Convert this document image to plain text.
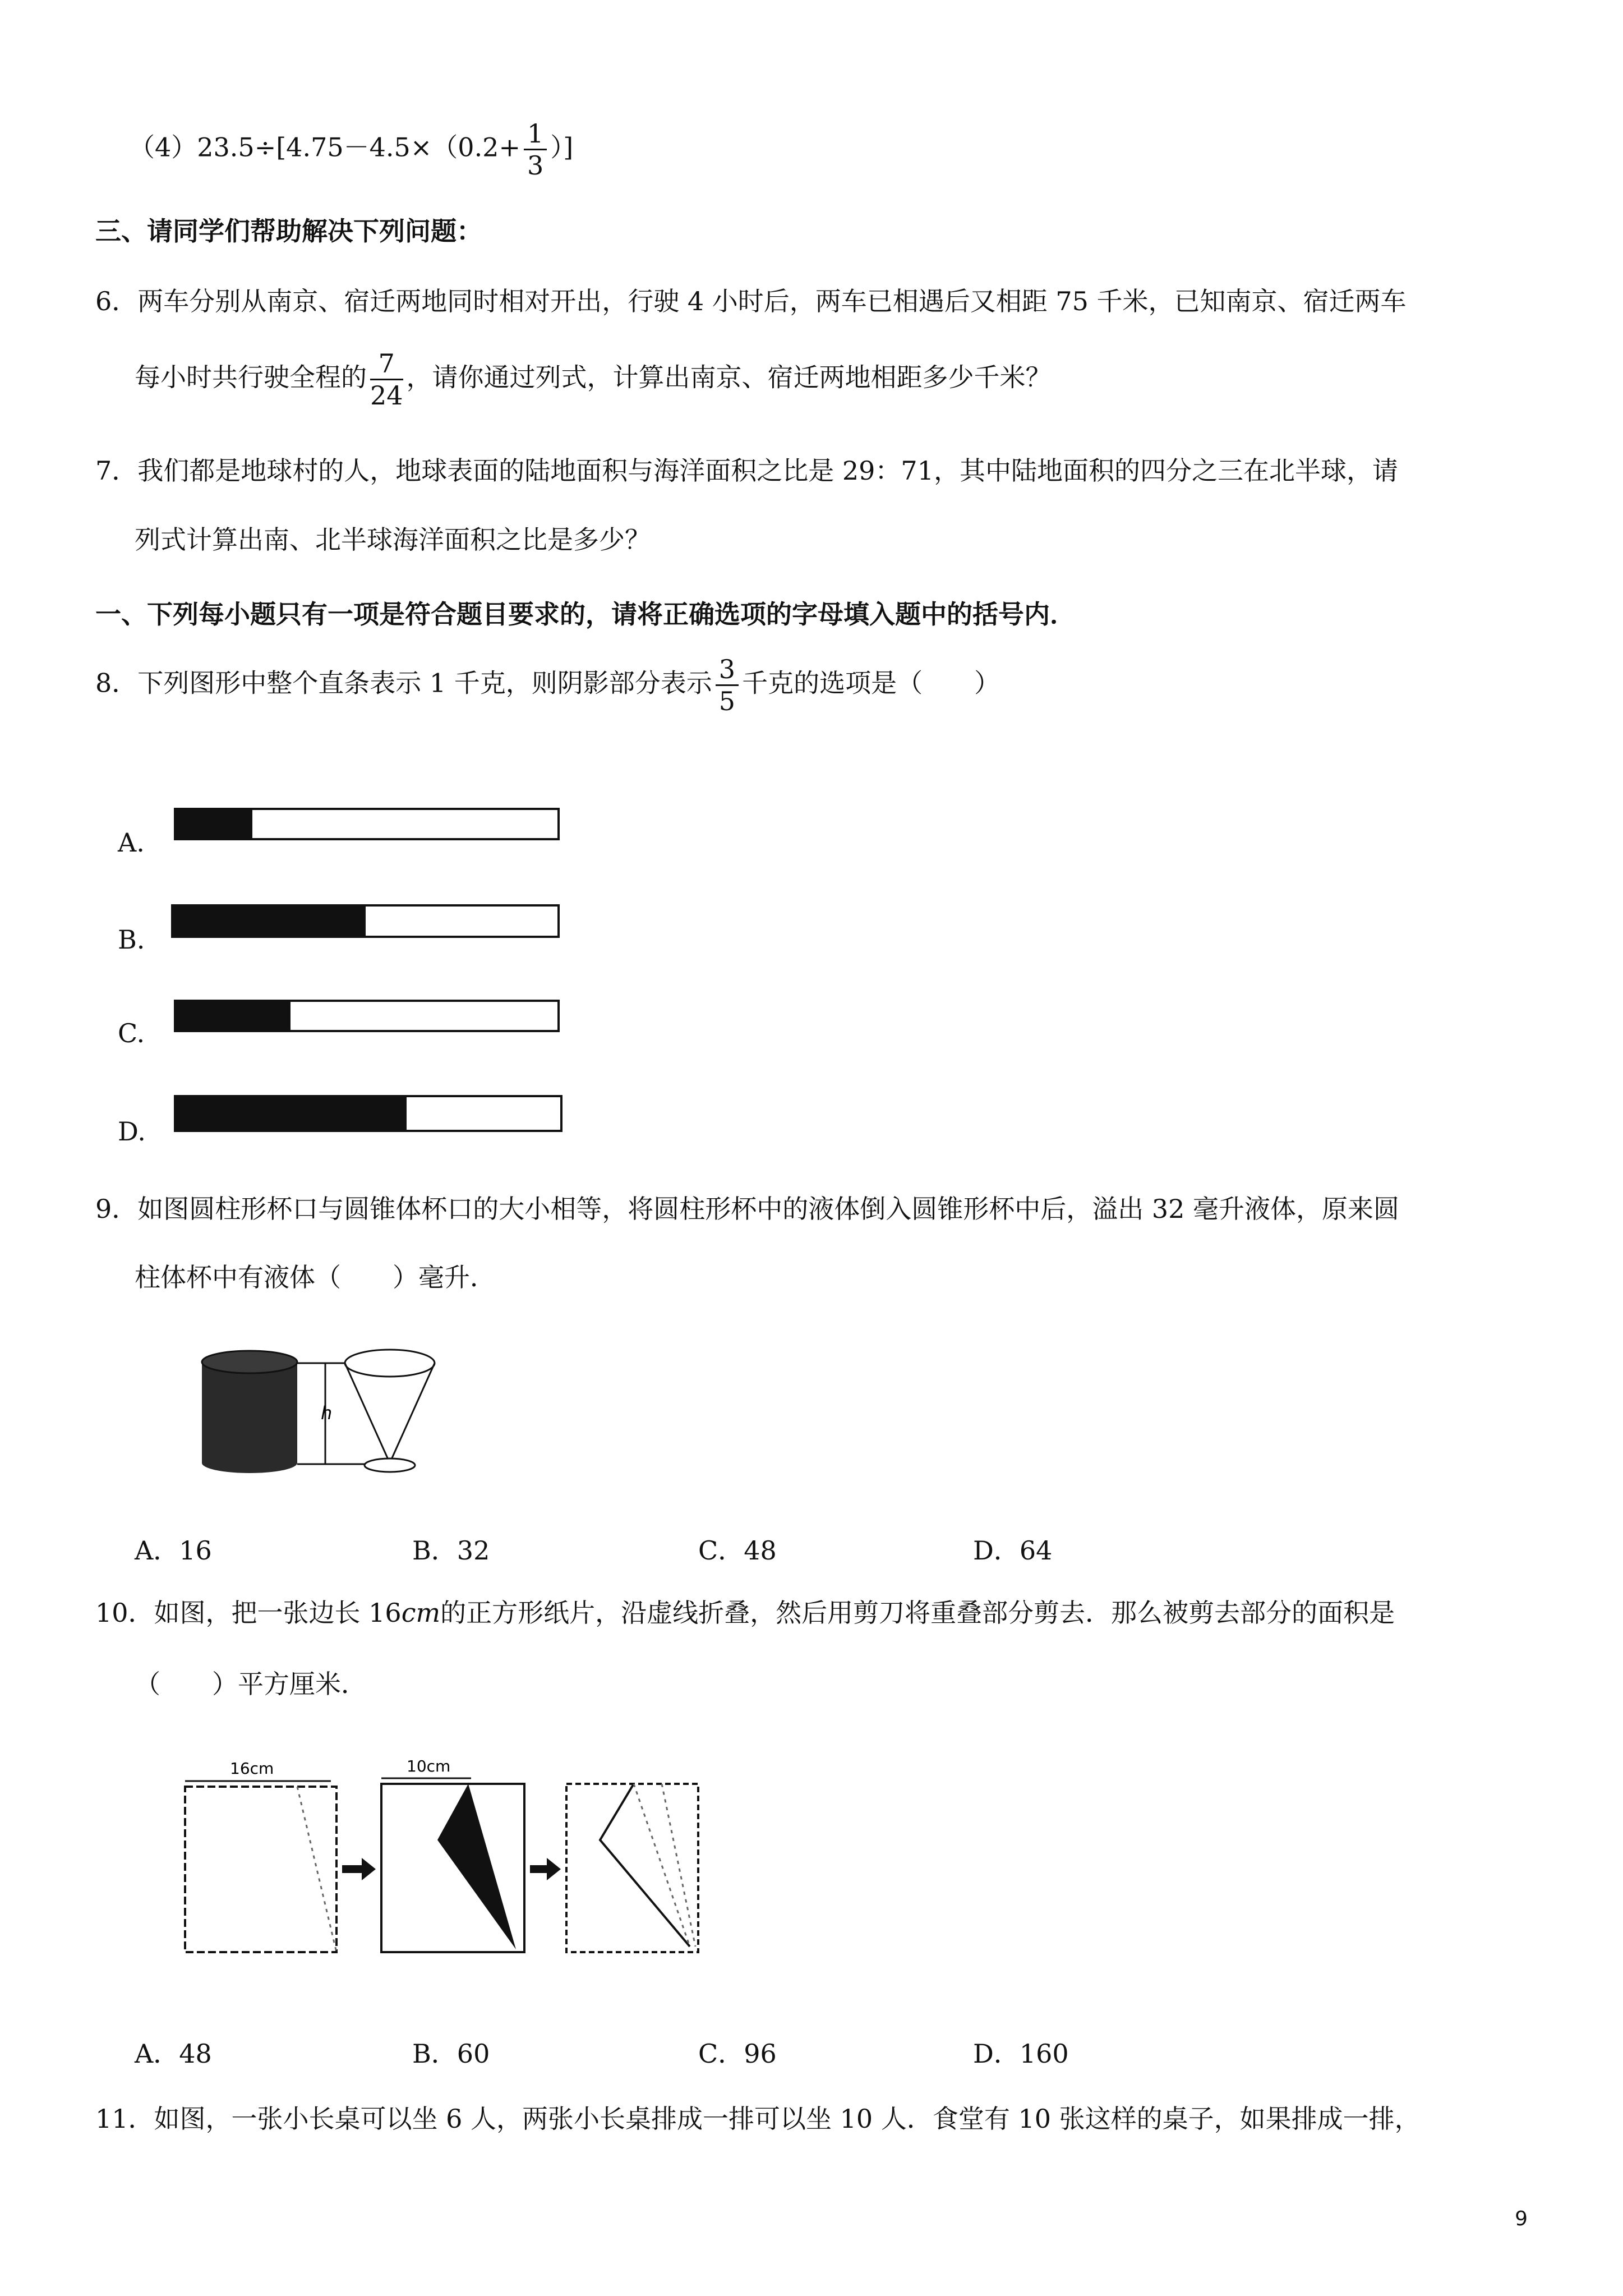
$(4)23.5\div[4.75-4.5\times(0.2+ \frac{1}{3}$ ）]
三、请同学们帮助解决下列问题：
6．两车分别从南京、宿迁两地同时相对开出，行驶 4 小时后，两车已相遇后又相距 75 千米，已知南京、宿迁两车
每小时共行驶全程的 $\frac{7}{24}$ ，请你通过列式，计算出南京、宿迁两地相距多少千米？
7．我们都是地球村的人，地球表面的陆地面积与海洋面积之比是 29：71，其中陆地面积的四分之三在北半球，请
列式计算出南、北半球海洋面积之比是多少？
一、下列每小题只有一项是符合题目要求的，请将正确选项的字母填入题中的括号内．
8．下列图形中整个直条表示 1 千克，则阴影部分表示 $\frac{3}{5}$ 千克的选项是（　　）
A.
B.
C.
D.
9．如图圆柱形杯口与圆锥体杯口的大小相等，将圆柱形杯中的液体倒入圆锥形杯中后，溢出 32 毫升液体，原来圆
柱体杯中有液体（　　）毫升．
h
A．16	B．32	C．48	D．64
10．如图，把一张边长 16cm的正方形纸片，沿虚线折叠，然后用剪刀将重叠部分剪去．那么被剪去部分的面积是
（　　）平方厘米．
16cm	10cm
A．48	B．60	C．96	D．160
11．如图，一张小长桌可以坐 6 人，两张小长桌排成一排可以坐 10 人．食堂有 10 张这样的桌子，如果排成一排，
9
